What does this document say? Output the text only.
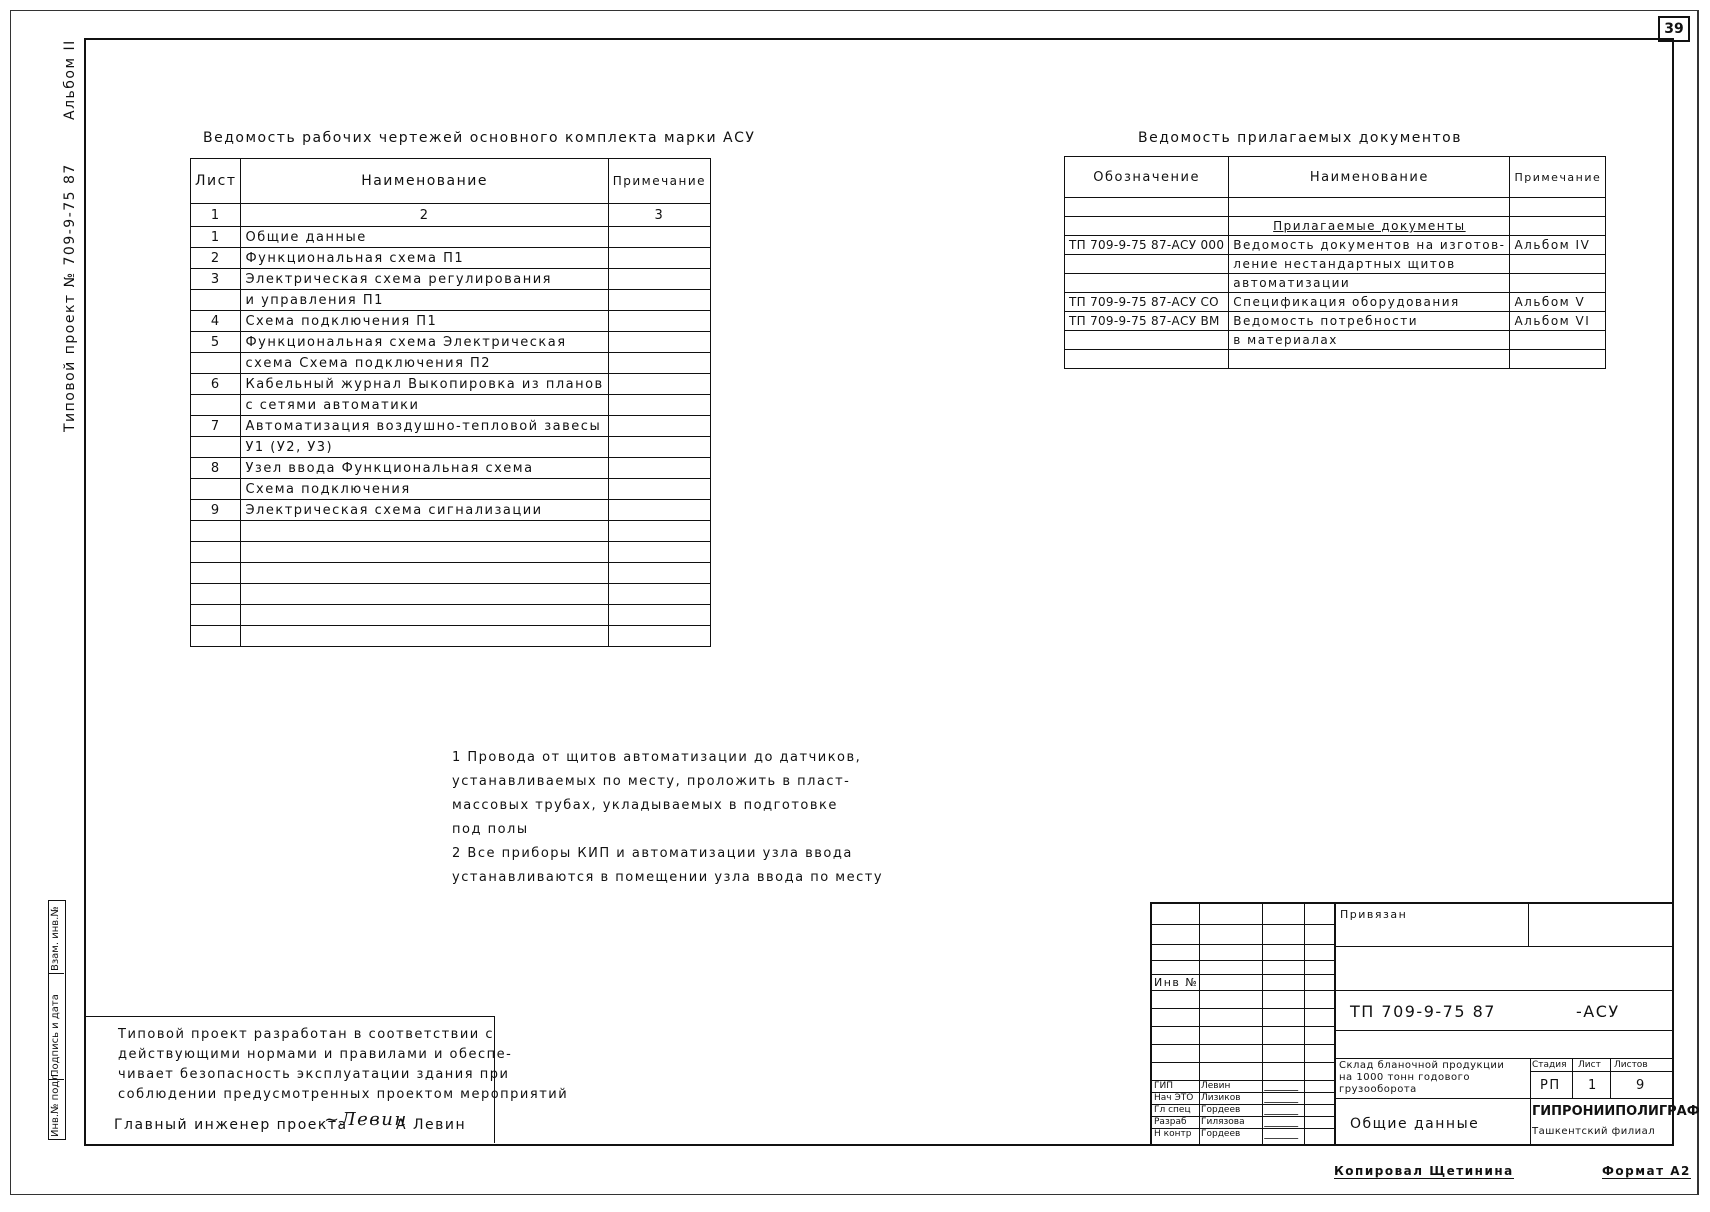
39
Альбом II
Типовой проект № 709-9-75 87
Взам. инв.№
Подпись и дата
Инв.№ подл.
Ведомость рабочих чертежей основного комплекта марки АСУ
Лист	Наименование	Примечание
1	2	3
1	Общие данные	
2	Функциональная схема П1	
3	Электрическая схема регулирования	
	и управления П1	
4	Схема подключения П1	
5	Функциональная схема Электрическая	
	схема Схема подключения П2	
6	Кабельный журнал Выкопировка из планов	
	с сетями автоматики	
7	Автоматизация воздушно-тепловой завесы	
	У1 (У2, У3)	
8	Узел ввода Функциональная схема	
	Схема подключения	
9	Электрическая схема сигнализации	

Ведомость прилагаемых документов
Обозначение	Наименование	Примечание

	Прилагаемые документы	
ТП 709-9-75 87-АСУ 000	Ведомость документов на изготов-	Альбом IV
	ление нестандартных щитов	
	автоматизации	
ТП 709-9-75 87-АСУ СО	Спецификация оборудования	Альбом V
ТП 709-9-75 87-АСУ ВМ	Ведомость потребности	Альбом VI
	в материалах	

1 Провода от щитов автоматизации до датчиков,
устанавливаемых по месту, проложить в пласт-
массовых трубах, укладываемых в подготовке
под полы
2 Все приборы КИП и автоматизации узла ввода
устанавливаются в помещении узла ввода по месту
Типовой проект разработан в соответствии с
действующими нормами и правилами и обеспе-
чивает безопасность эксплуатации здания при
соблюдении предусмотренных проектом мероприятий
Главный инженер проекта
~Левин
А Левин
Инв №
ГИП	Левин
Нач ЭТО Лизиков
Гл спец Гордеев
Разраб Гилязова
Н контр Гордеев
Привязан
ТП 709-9-75 87	-АСУ
Склад бланочной продукции
на 1000 тонн годового
грузооборота
Стадия Лист Листов
РП 1	9
Общие данные
ГИПРОНИИПОЛИГРАФ
Ташкентский филиал
Копировал Щетинина	Формат А2
